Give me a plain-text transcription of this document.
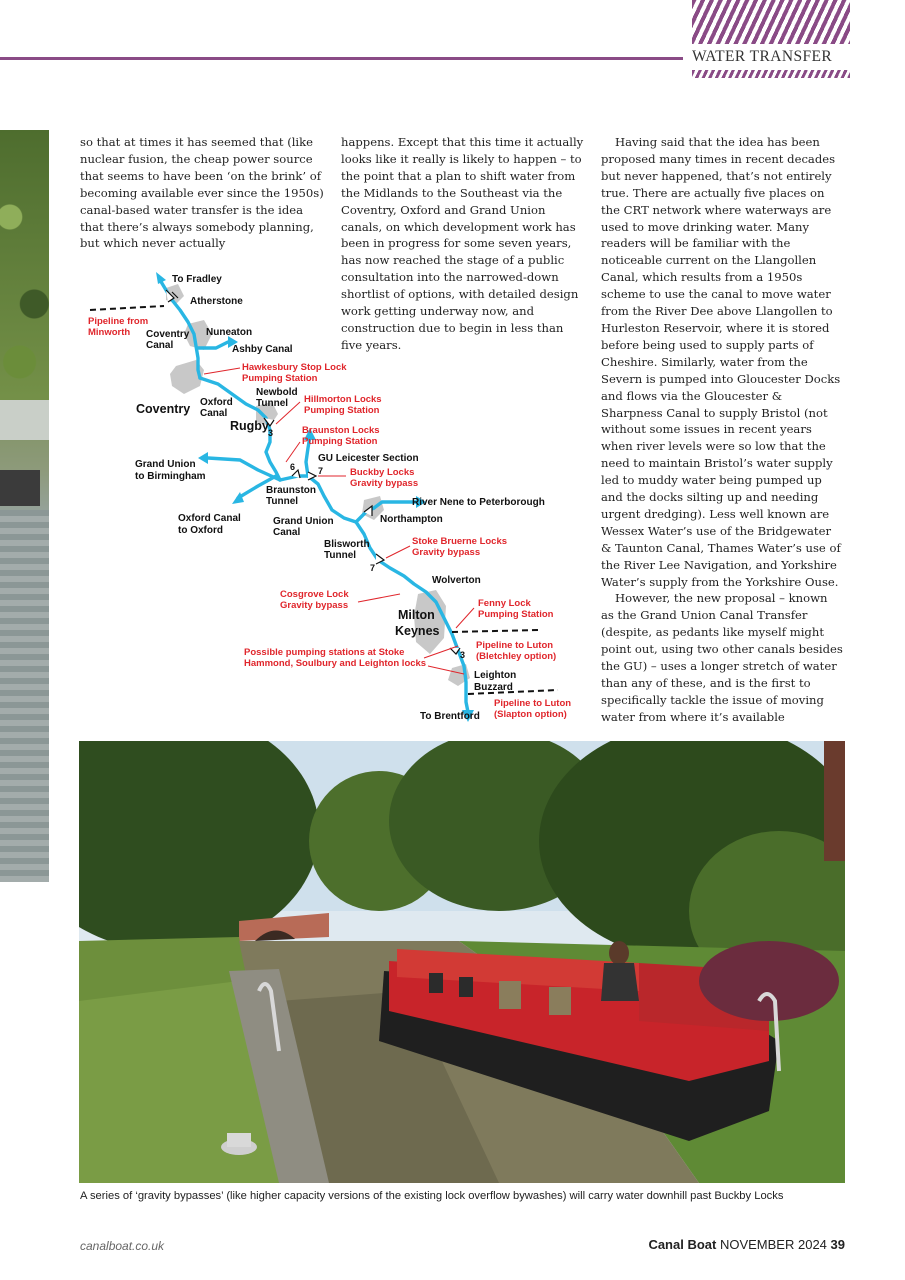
WATER TRANSFER

so that at times it has seemed that (like nuclear fusion, the cheap power source that seems to have been ‘on the brink’ of becoming available ever since the 1950s) canal-based water transfer is the idea that there’s always somebody planning, but which never actually

happens. Except that this time it actually looks like it really is likely to happen – to the point that a plan to shift water from the Midlands to the Southeast via the Coventry, Oxford and Grand Union canals, on which development work has been in progress for some seven years, has now reached the stage of a public consultation into the narrowed-down shortlist of options, with detailed design work getting underway now, and construction due to begin in less than five years.

Having said that the idea has been proposed many times in recent decades but never happened, that’s not entirely true. There are actually five places on the CRT network where waterways are used to move drinking water. Many readers will be familiar with the noticeable current on the Llangollen Canal, which results from a 1950s scheme to use the canal to move water from the River Dee above Llangollen to Hurleston Reservoir, where it is stored before being used to supply parts of Cheshire. Similarly, water from the Severn is pumped into Gloucester Docks and flows via the Gloucester & Sharpness Canal to supply Bristol (not without some issues in recent years when river levels were so low that the need to maintain Bristol’s water supply led to muddy water being pumped up and the docks silting up and needing urgent dredging). Less well known are Wessex Water’s use of the Bridgewater & Taunton Canal, Thames Water’s use of the River Lee Navigation, and Yorkshire Water’s supply from the Yorkshire Ouse.

However, the new proposal – known as the Grand Union Canal Transfer (despite, as pedants like myself might point out, using two other canals besides the GU) – uses a longer stretch of water than any of these, and is the first to specifically tackle the issue of moving water from where it’s available

To Fradley
Atherstone
Pipeline from
Minworth Coventry
Canal
Nuneaton
Ashby Canal
Hawkesbury Stop Lock
Pumping Station
Coventry Oxford
Canal
Newbold
Tunnel Hillmorton Locks
Pumping Station
Rugby 3	Braunston Locks
Pumping Station
GU Leicester Section
6	7	Buckby Locks
Gravity bypass
Grand Union
to Birmingham
Braunston
Tunnel	River Nene to Peterborough
Northampton
Oxford Canal
to Oxford
Grand Union
Canal
Blisworth
Tunnel
Stoke Bruerne Locks
Gravity bypass
7
Wolverton
Cosgrove Lock
Gravity bypass
Milton
Keynes
Fenny Lock
Pumping Station
Pipeline to Luton
(Bletchley option)
3
Possible pumping stations at Stoke
Hammond, Soulbury and Leighton locks
Leighton
Buzzard
Pipeline to Luton
(Slapton option)
To Brentford
A series of ‘gravity bypasses’ (like higher capacity versions of the existing lock overflow bywashes) will carry water downhill past Buckby Locks
canalboat.co.uk	Canal Boat NOVEMBER 2024 39
